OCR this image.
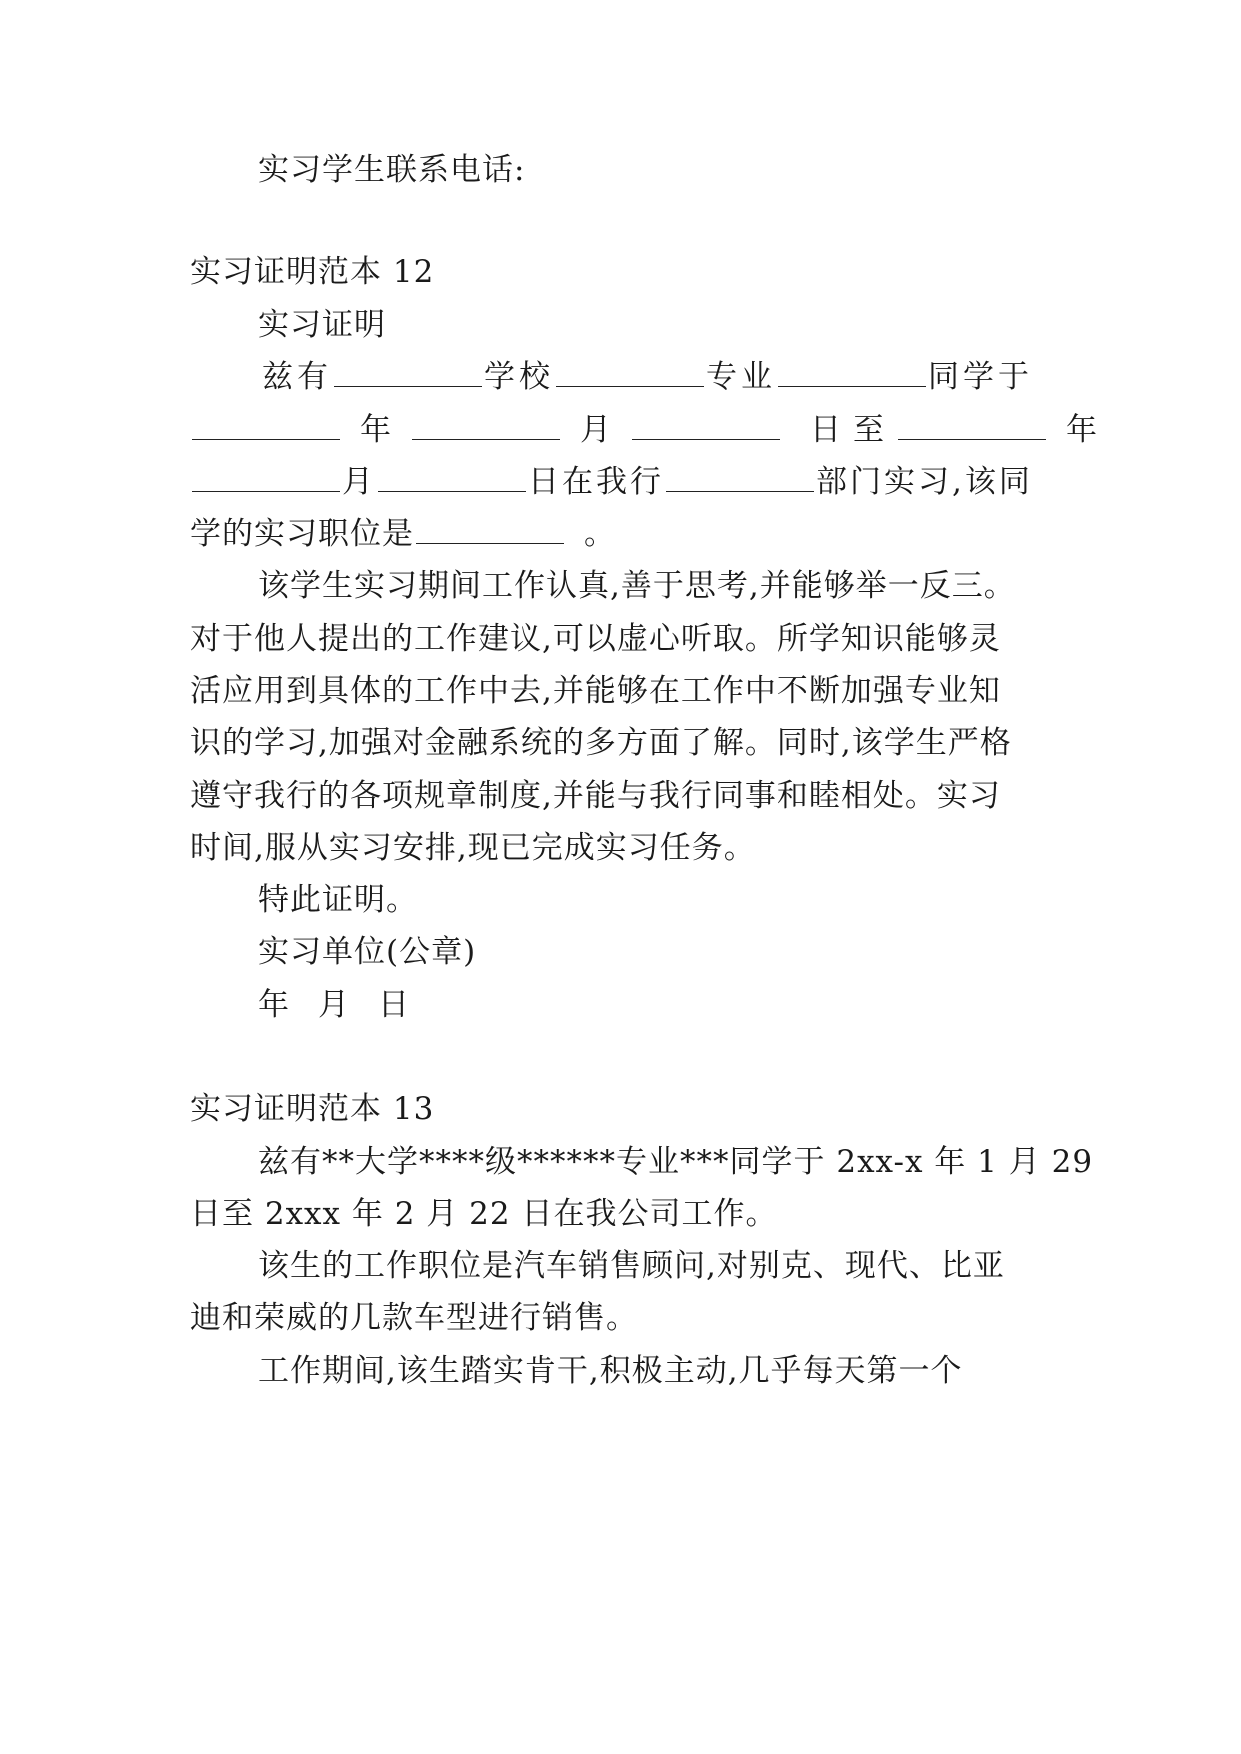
实习学生联系电话:
实习证明范本 12
实习证明
兹有	学校	专业	同学于
年	月	日至	年
月	日在我行	部门实习,该同
学的实习职位是	。
该学生实习期间工作认真,善于思考,并能够举一反三。
对于他人提出的工作建议,可以虚心听取。所学知识能够灵
活应用到具体的工作中去,并能够在工作中不断加强专业知
识的学习,加强对金融系统的多方面了解。同时,该学生严格
遵守我行的各项规章制度,并能与我行同事和睦相处。实习
时间,服从实习安排,现已完成实习任务。
特此证明。
实习单位(公章)
年 月 日
实习证明范本 13
兹有**大学****级******专业***同学于 2xx-x 年 1 月 29
日至 2xxx 年 2 月 22 日在我公司工作。
该生的工作职位是汽车销售顾问,对别克、现代、比亚
迪和荣威的几款车型进行销售。
工作期间,该生踏实肯干,积极主动,几乎每天第一个
